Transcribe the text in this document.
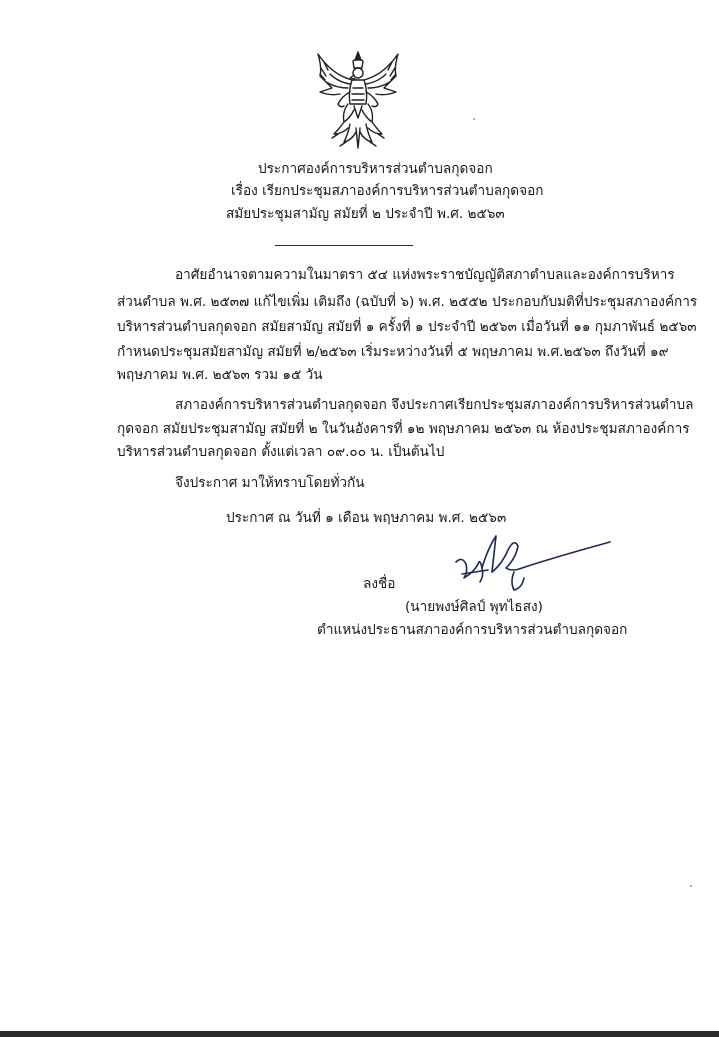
ประกาศองค์การบริหารส่วนตำบลกุดจอก
เรื่อง เรียกประชุมสภาองค์การบริหารส่วนตำบลกุดจอก
สมัยประชุมสามัญ สมัยที่ ๒ ประจำปี พ.ศ. ๒๕๖๓
อาศัยอำนาจตามความในมาตรา ๕๔ แห่งพระราชบัญญัติสภาตำบลและองค์การบริหาร
ส่วนตำบล พ.ศ. ๒๕๓๗ แก้ไขเพิ่ม เติมถึง (ฉบับที่ ๖) พ.ศ. ๒๕๕๒ ประกอบกับมติที่ประชุมสภาองค์การ
บริหารส่วนตำบลกุดจอก สมัยสามัญ สมัยที่ ๑ ครั้งที่ ๑ ประจำปี ๒๕๖๓ เมื่อวันที่ ๑๑ กุมภาพันธ์ ๒๕๖๓
กำหนดประชุมสมัยสามัญ สมัยที่ ๒/๒๕๖๓ เริ่มระหว่างวันที่ ๕ พฤษภาคม พ.ศ.๒๕๖๓ ถึงวันที่ ๑๙
พฤษภาคม พ.ศ. ๒๕๖๓ รวม ๑๕ วัน
สภาองค์การบริหารส่วนตำบลกุดจอก จึงประกาศเรียกประชุมสภาองค์การบริหารส่วนตำบล
กุดจอก สมัยประชุมสามัญ สมัยที่ ๒ ในวันอังคารที่ ๑๒ พฤษภาคม ๒๕๖๓ ณ ห้องประชุมสภาองค์การ
บริหารส่วนตำบลกุดจอก ตั้งแต่เวลา ๐๙.๐๐ น. เป็นต้นไป
จึงประกาศ มาให้ทราบโดยทั่วกัน
ประกาศ ณ วันที่ ๑ เดือน พฤษภาคม พ.ศ. ๒๕๖๓
ลงชื่อ
(นายพงษ์ศิลป์ พุทไธสง)
ตำแหน่งประธานสภาองค์การบริหารส่วนตำบลกุดจอก
